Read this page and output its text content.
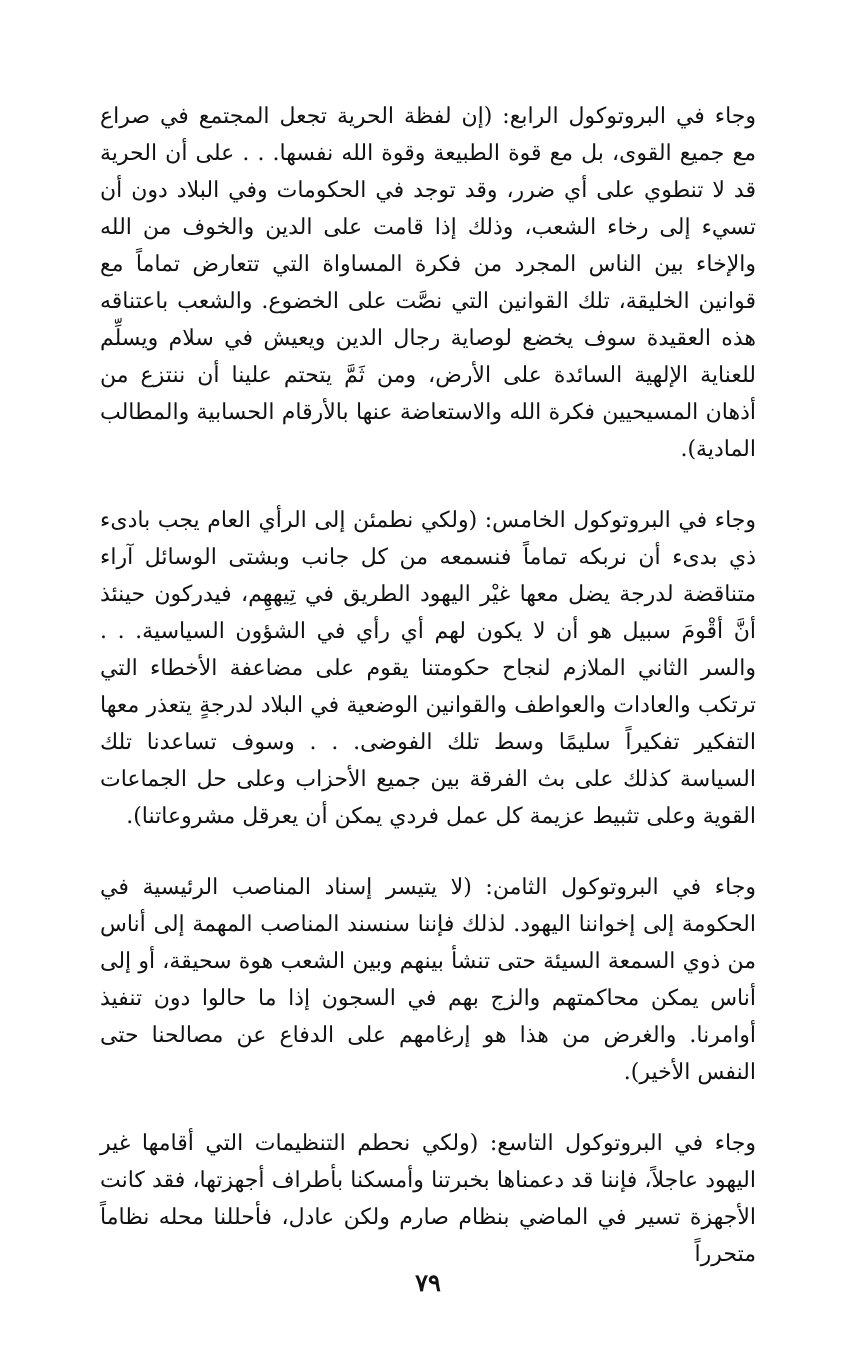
وجاء في البروتوكول الرابع: (إن لفظة الحرية تجعل المجتمع في صراع مع جميع القوى، بل مع قوة الطبيعة وقوة الله نفسها. . . على أن الحرية قد لا تنطوي على أي ضرر، وقد توجد في الحكومات وفي البلاد دون أن تسيء إلى رخاء الشعب، وذلك إذا قامت على الدين والخوف من الله والإخاء بين الناس المجرد من فكرة المساواة التي تتعارض تماماً مع قوانين الخليقة، تلك القوانين التي نصَّت على الخضوع. والشعب باعتناقه هذه العقيدة سوف يخضع لوصاية رجال الدين ويعيش في سلام ويسلِّم للعناية الإلهية السائدة على الأرض، ومن ثَمَّ يتحتم علينا أن ننتزع من أذهان المسيحيين فكرة الله والاستعاضة عنها بالأرقام الحسابية والمطالب المادية).

وجاء في البروتوكول الخامس: (ولكي نطمئن إلى الرأي العام يجب بادىء ذي بدىء أن نربكه تماماً فنسمعه من كل جانب وبشتى الوسائل آراء متناقضة لدرجة يضل معها غيْر اليهود الطريق في تِيههِم، فيدركون حينئذ أنَّ أقْومَ سبيل هو أن لا يكون لهم أي رأي في الشؤون السياسية. . . والسر الثاني الملازم لنجاح حكومتنا يقوم على مضاعفة الأخطاء التي ترتكب والعادات والعواطف والقوانين الوضعية في البلاد لدرجةٍ يتعذر معها التفكير تفكيراً سليمًا وسط تلك الفوضى. . . وسوف تساعدنا تلك السياسة كذلك على بث الفرقة بين جميع الأحزاب وعلى حل الجماعات القوية وعلى تثبيط عزيمة كل عمل فردي يمكن أن يعرقل مشروعاتنا).

وجاء في البروتوكول الثامن: (لا يتيسر إسناد المناصب الرئيسية في الحكومة إلى إخواننا اليهود. لذلك فإننا سنسند المناصب المهمة إلى أناس من ذوي السمعة السيئة حتى تنشأ بينهم وبين الشعب هوة سحيقة، أو إلى أناس يمكن محاكمتهم والزج بهم في السجون إذا ما حالوا دون تنفيذ أوامرنا. والغرض من هذا هو إرغامهم على الدفاع عن مصالحنا حتى النفس الأخير).

وجاء في البروتوكول التاسع: (ولكي نحطم التنظيمات التي أقامها غير اليهود عاجلاً، فإننا قد دعمناها بخبرتنا وأمسكنا بأطراف أجهزتها، فقد كانت الأجهزة تسير في الماضي بنظام صارم ولكن عادل، فأحللنا محله نظاماً متحرراً

٧٩
